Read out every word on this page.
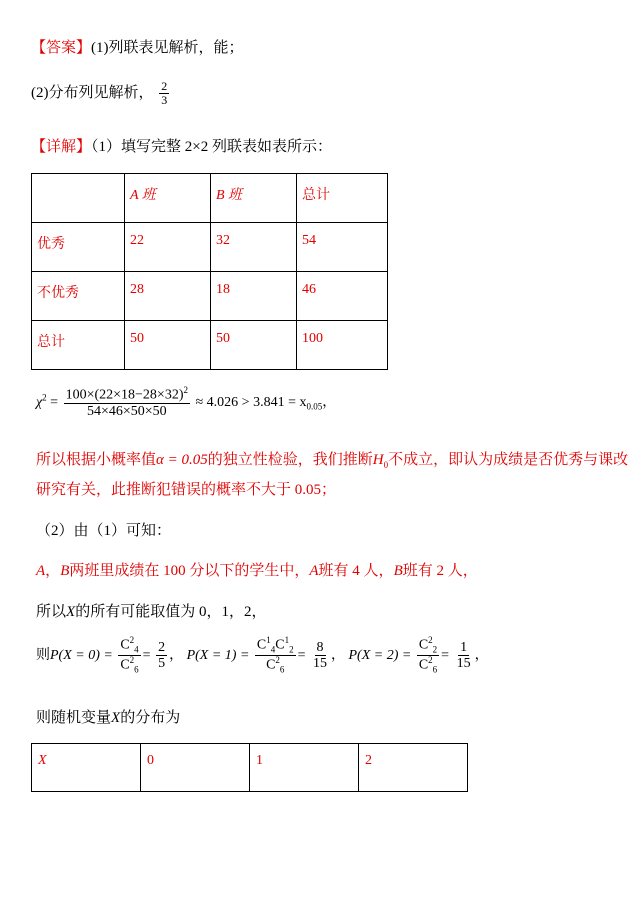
【答案】(1)列联表见解析，能；
(2)分布列见解析， $\frac{2}{3}$
【详解】（1）填写完整 2×2 列联表如表所示：
	A 班	B 班	总计
优秀	22	32	54
不优秀	28	18	46
总计	50	50	100
$\chi^2 = \frac{100\times(22\times 18-28\times 32)^2}{54\times 46\times 50\times 50} \approx 4.026 > 3.841 = x_{0.05}$，
所以根据小概率值α = 0.05的独立性检验，我们推断$H_0$不成立，即认为成绩是否优秀与课改
研究有关，此推断犯错误的概率不大于 0.05；
（2）由（1）可知：
A，B两班里成绩在 100 分以下的学生中，A班有 4 人，B班有 2 人，
所以X的所有可能取值为 0，1，2，
则$P(X = 0) = \frac{C^2_4}{C^2_6} = \frac{2}{5}$ ， $P(X = 1) = \frac{C^1_4C^1_2}{C^2_6} = \frac{8}{15}$ ， $P(X = 2) = \frac{C^2_2}{C^2_6} = \frac{1}{15}$ ，
则随机变量X的分布为
X	0	1	2
